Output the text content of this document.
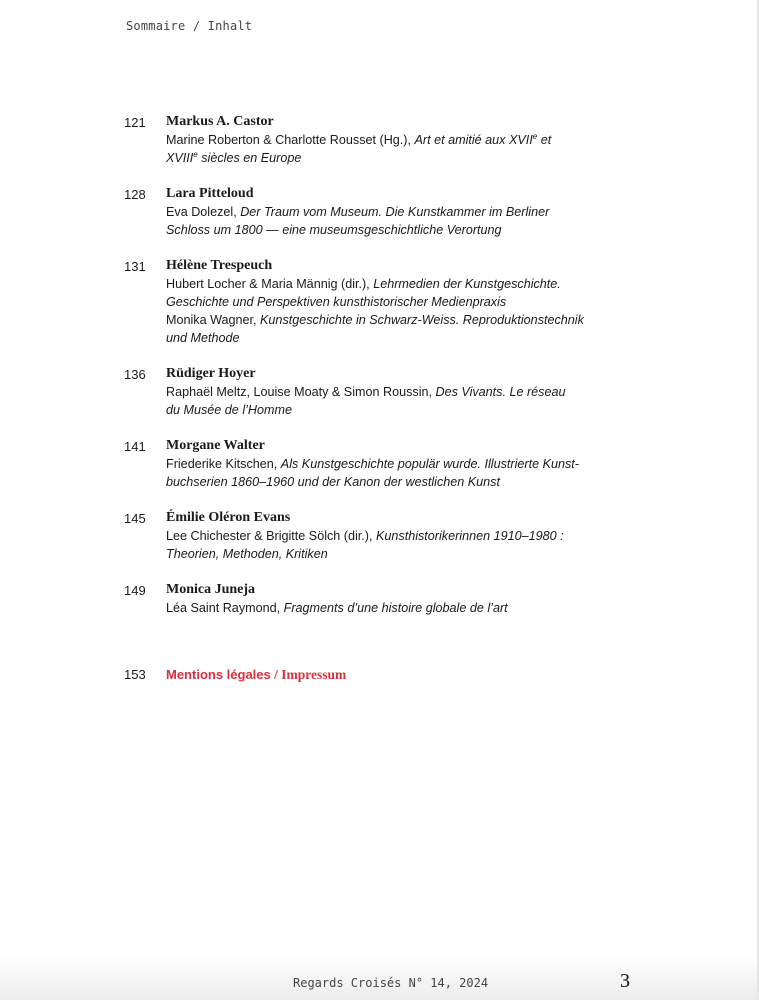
Sommaire / Inhalt
121	Markus A. Castor
Marine Roberton & Charlotte Rousset (Hg.), Art et amitié aux XVIIe et
XVIIIe siècles en Europe
128	Lara Pitteloud
Eva Dolezel, Der Traum vom Museum. Die Kunstkammer im Berliner
Schloss um 1800 — eine museumsgeschichtliche Verortung
131	Hélène Trespeuch
Hubert Locher & Maria Männig (dir.), Lehrmedien der Kunstgeschichte.
Geschichte und Perspektiven kunsthistorischer Medienpraxis
Monika Wagner, Kunstgeschichte in Schwarz-Weiss. Reproduktionstechnik
und Methode
136	Rüdiger Hoyer
Raphaël Meltz, Louise Moaty & Simon Roussin, Des Vivants. Le réseau
du Musée de l’Homme
141	Morgane Walter
Friederike Kitschen, Als Kunstgeschichte populär wurde. Illustrierte Kunst-
buchserien 1860–1960 und der Kanon der westlichen Kunst
145	Émilie Oléron Evans
Lee Chichester & Brigitte Sölch (dir.), Kunsthistorikerinnen 1910–1980 :
Theorien, Methoden, Kritiken
149	Monica Juneja
Léa Saint Raymond, Fragments d’une histoire globale de l’art
153	Mentions légales / Impressum
Regards Croisés N° 14, 2024	3
